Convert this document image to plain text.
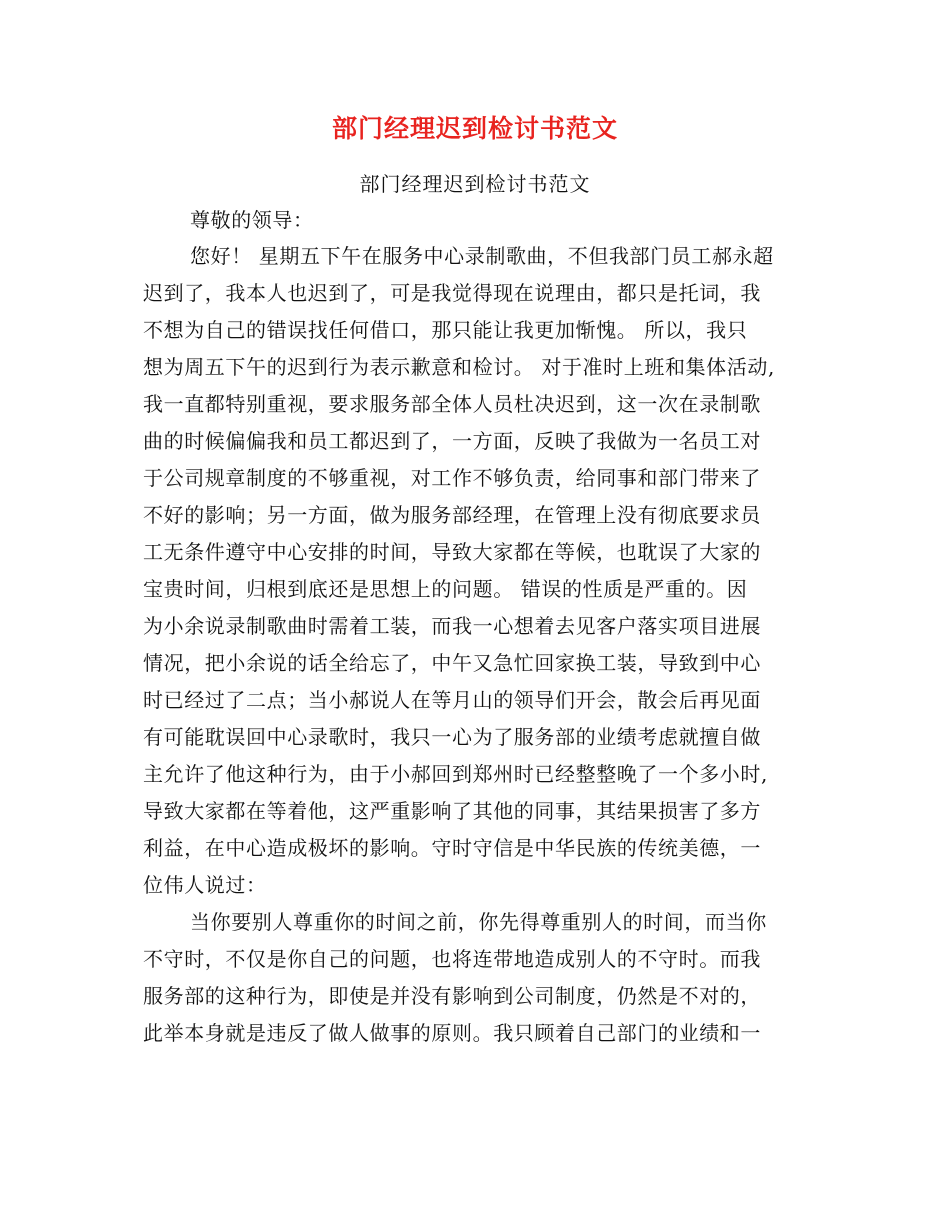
部门经理迟到检讨书范文
部门经理迟到检讨书范文
尊敬的领导：
您好！ 星期五下午在服务中心录制歌曲，不但我部门员工郝永超
迟到了，我本人也迟到了，可是我觉得现在说理由，都只是托词，我
不想为自己的错误找任何借口，那只能让我更加惭愧。 所以，我只
想为周五下午的迟到行为表示歉意和检讨。 对于准时上班和集体活动,
我一直都特别重视，要求服务部全体人员杜决迟到，这一次在录制歌
曲的时候偏偏我和员工都迟到了，一方面，反映了我做为一名员工对
于公司规章制度的不够重视，对工作不够负责，给同事和部门带来了
不好的影响；另一方面，做为服务部经理，在管理上没有彻底要求员
工无条件遵守中心安排的时间，导致大家都在等候，也耽误了大家的
宝贵时间，归根到底还是思想上的问题。 错误的性质是严重的。因
为小余说录制歌曲时需着工装，而我一心想着去见客户落实项目进展
情况，把小余说的话全给忘了，中午又急忙回家换工装，导致到中心
时已经过了二点；当小郝说人在等月山的领导们开会，散会后再见面
有可能耽误回中心录歌时，我只一心为了服务部的业绩考虑就擅自做
主允许了他这种行为，由于小郝回到郑州时已经整整晚了一个多小时,
导致大家都在等着他，这严重影响了其他的同事，其结果损害了多方
利益，在中心造成极坏的影响。守时守信是中华民族的传统美德，一
位伟人说过：
当你要别人尊重你的时间之前，你先得尊重别人的时间，而当你
不守时，不仅是你自己的问题，也将连带地造成别人的不守时。而我
服务部的这种行为，即使是并没有影响到公司制度，仍然是不对的，
此举本身就是违反了做人做事的原则。我只顾着自己部门的业绩和一
